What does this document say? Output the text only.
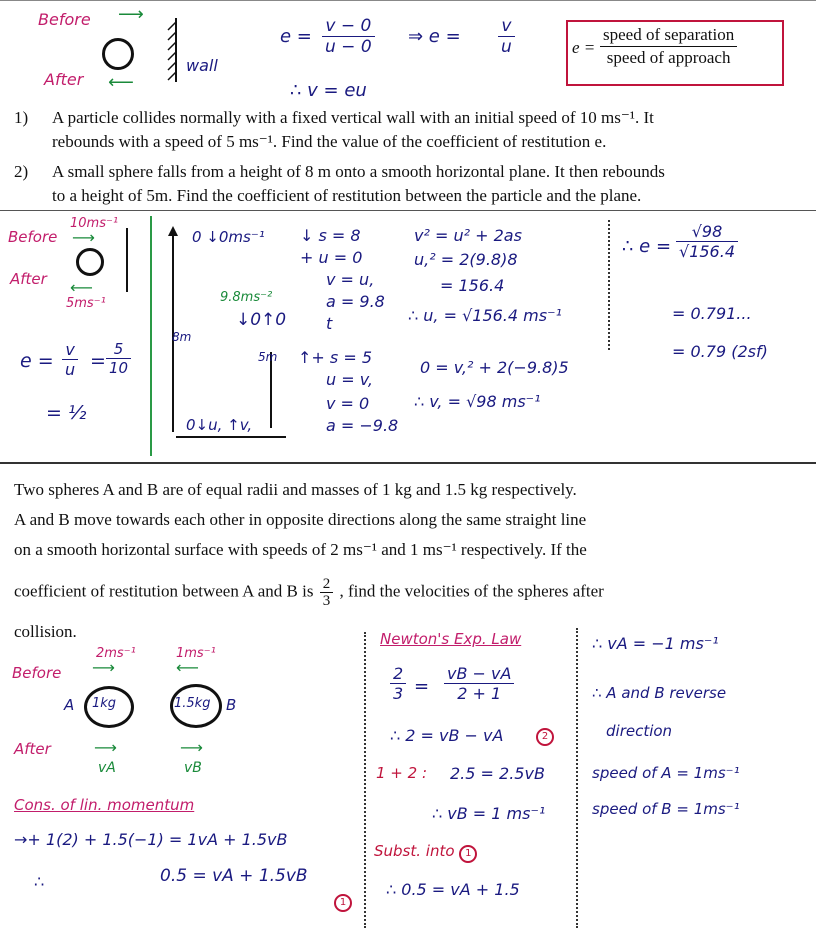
Before ⟶
After ⟵
wall
$e = \frac{v - 0}{u - 0}$ ⇒ $e = \frac{v}{u}$
∴ v = eu
e =
speed of separation
speed of approach
1) A particle collides normally with a fixed vertical wall with an initial speed of 10 ms⁻¹. It
rebounds with a speed of 5 ms⁻¹. Find the value of the coefficient of restitution e.
2) A small sphere falls from a height of 8 m onto a smooth horizontal plane. It then rebounds
to a height of 5m. Find the coefficient of restitution between the particle and the plane.
Before
10ms⁻¹
⟶
After ⟵
5ms⁻¹
$e = \frac{v}{u} = \frac{5}{10}$
= ½
0 ↓0ms⁻¹
9.8ms⁻²
↓0↑0
8m
5m
0↓u, ↑v,
↓ s = 8
+ u = 0
v = u,
a = 9.8
t
v² = u² + 2as
u,² = 2(9.8)8
= 156.4
∴ u, = √156.4 ms⁻¹
↑+ s = 5
u = v,
v = 0
a = −9.8
0 = v,² + 2(−9.8)5
∴ v, = √98 ms⁻¹
∴ $e = \frac{√98}{√156.4}$
= 0.791...
= 0.79 (2sf)
Two spheres A and B are of equal radii and masses of 1 kg and 1.5 kg respectively.
A and B move towards each other in opposite directions along the same straight line
on a smooth horizontal surface with speeds of 2 ms⁻¹ and 1 ms⁻¹ respectively. If the
coefficient of restitution between A and B is $\frac{2}{3}$ , find the velocities of the spheres after
collision.
Before
2ms⁻¹
⟶
1ms⁻¹
⟵
A 1kg	1.5kg B
After	⟶
vA
⟶
vB
Cons. of lin. momentum
→+ 1(2) + 1.5(−1) = 1vA + 1.5vB
∴	0.5 = vA + 1.5vB
1
Newton's Exp. Law
$\frac{2}{3} = \frac{vB - vA}{2 + 1}$
∴ 2 = vB − vA	2
1 + 2 : 2.5 = 2.5vB
∴ vB = 1 ms⁻¹
Subst. into 1
∴ 0.5 = vA + 1.5
∴ vA = −1 ms⁻¹
∴ A and B reverse
direction
speed of A = 1ms⁻¹
speed of B = 1ms⁻¹
